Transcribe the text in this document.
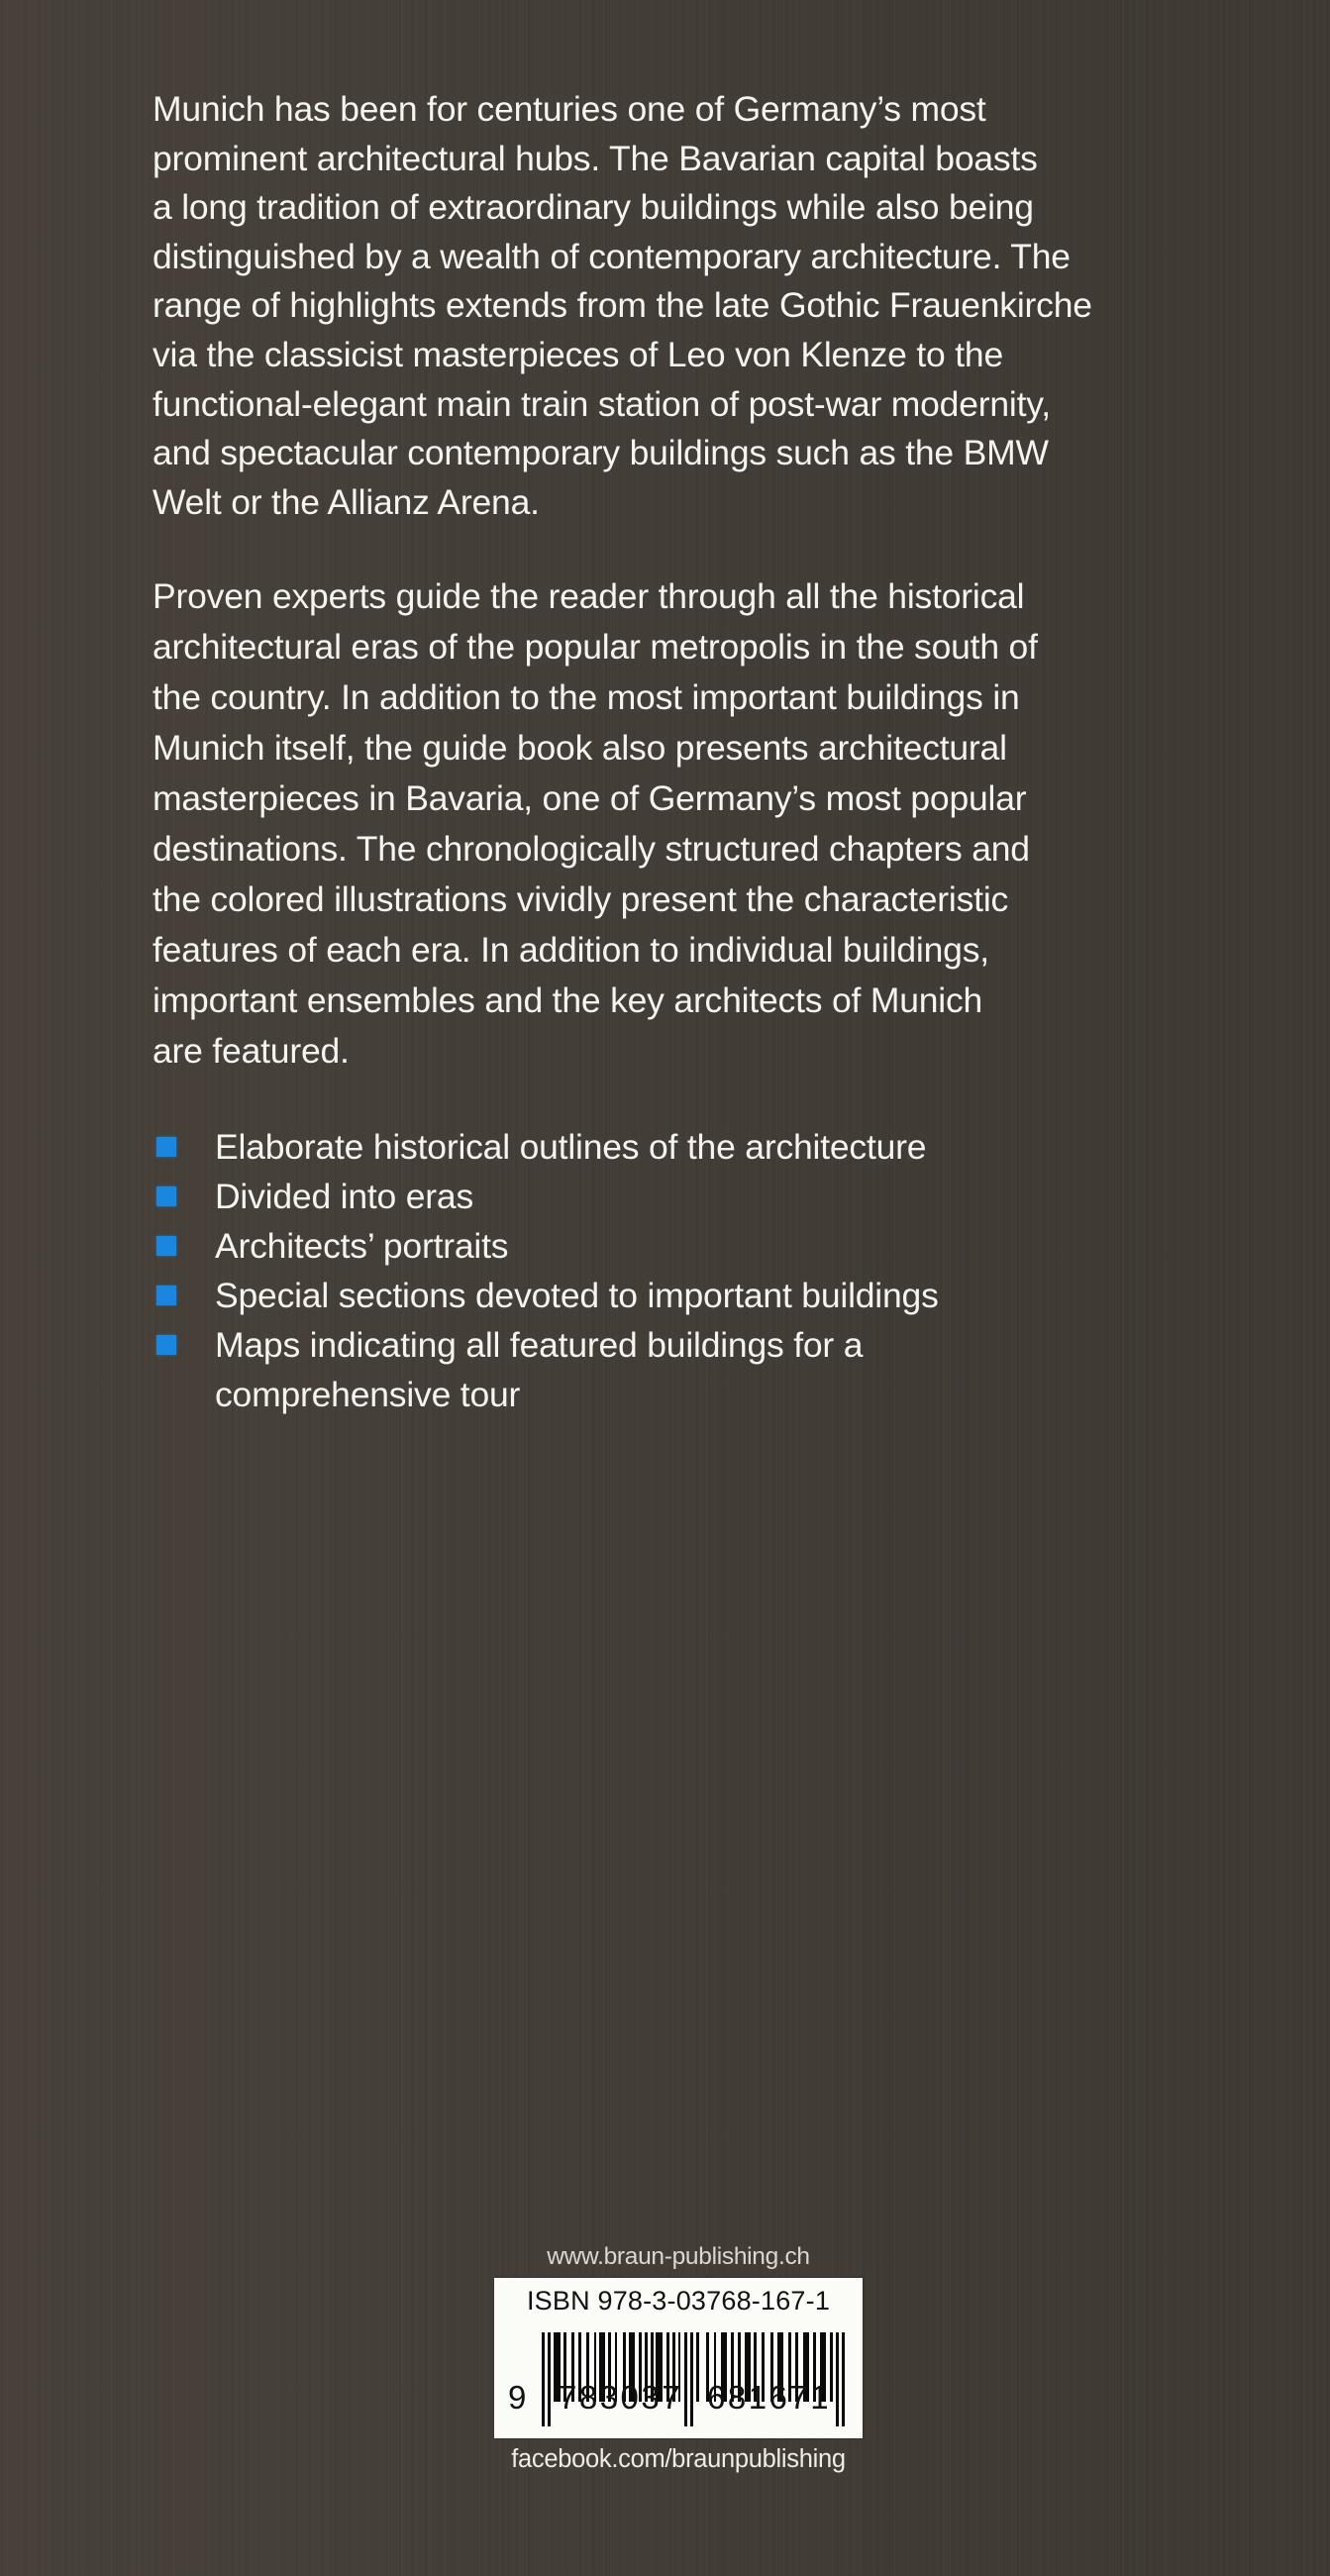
Munich has been for centuries one of Germany’s most
prominent architectural hubs. The Bavarian capital boasts
a long tradition of extraordinary buildings while also being
distinguished by a wealth of contemporary architecture. The
range of highlights extends from the late Gothic Frauenkirche
via the classicist masterpieces of Leo von Klenze to the
functional-elegant main train station of post-war modernity,
and spectacular contemporary buildings such as the BMW
Welt or the Allianz Arena.

Proven experts guide the reader through all the historical
architectural eras of the popular metropolis in the south of
the country. In addition to the most important buildings in
Munich itself, the guide book also presents architectural
masterpieces in Bavaria, one of Germany’s most popular
destinations. The chronologically structured chapters and
the colored illustrations vividly present the characteristic
features of each era. In addition to individual buildings,
important ensembles and the key architects of Munich
are featured.

Elaborate historical outlines of the architecture
Divided into eras
Architects’ portraits
Special sections devoted to important buildings
Maps indicating all featured buildings for a
comprehensive tour
www.braun-publishing.ch
ISBN 978-3-03768-167-1
9 783037 681671
facebook.com/braunpublishing
